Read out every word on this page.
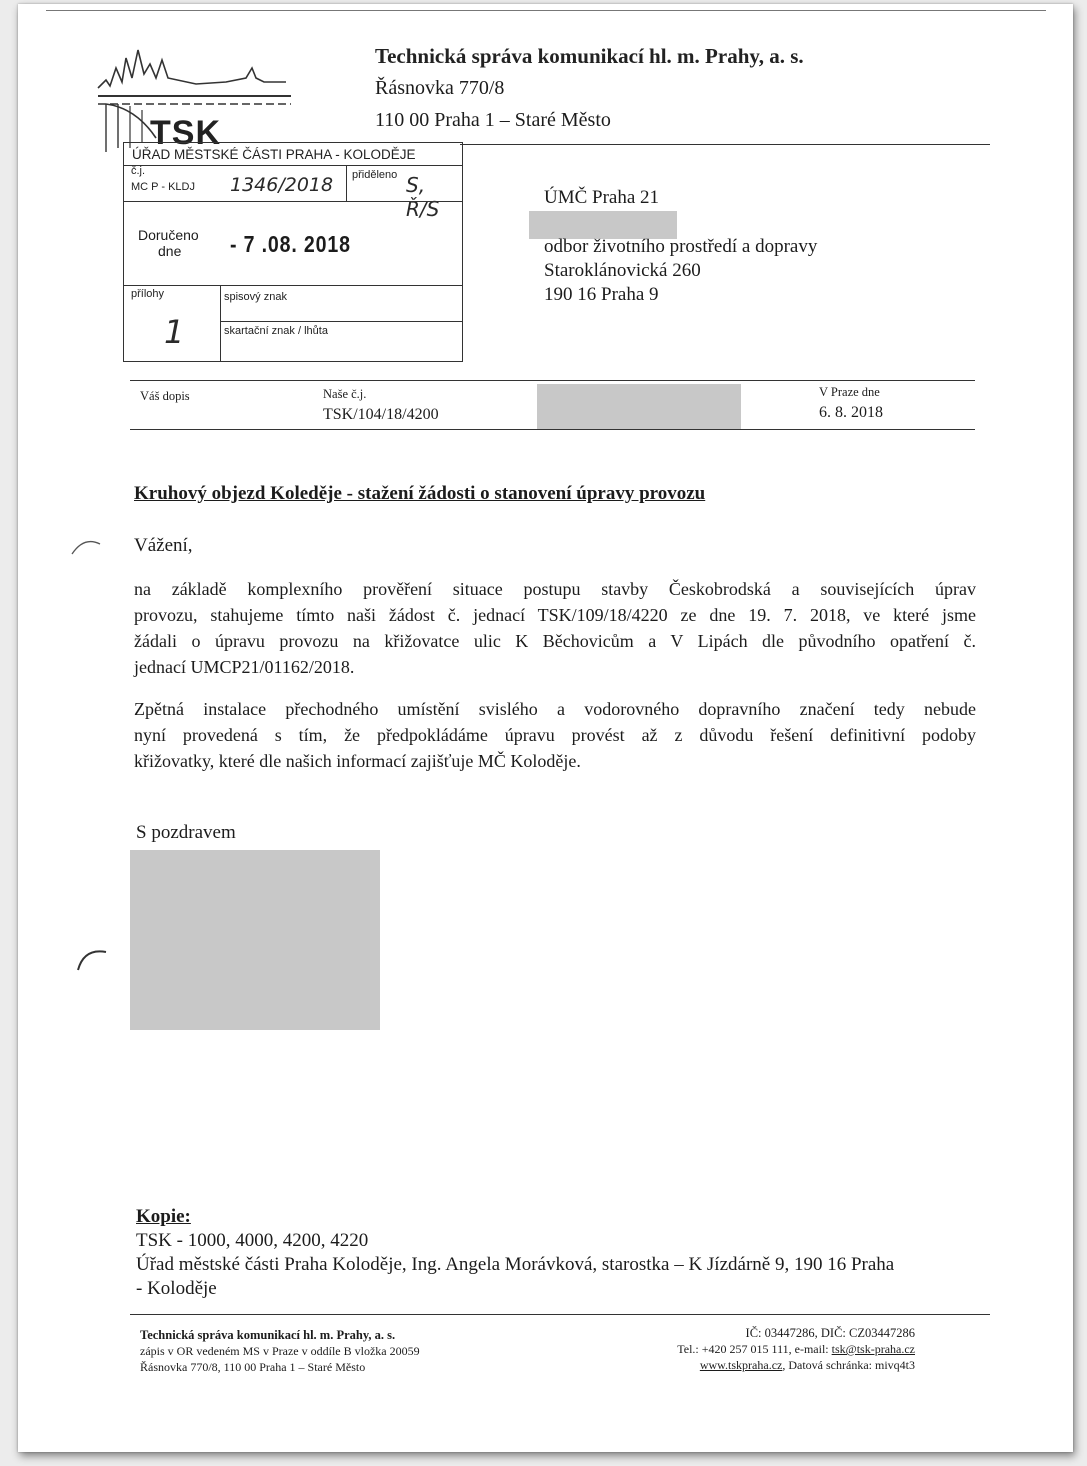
TSK
Technická správa komunikací hl. m. Prahy, a. s.
Řásnovka 770/8
110 00 Praha 1 – Staré Město
ÚŘAD MĚSTSKÉ ČÁSTI PRAHA - KOLODĚJE
č.j.
MC P - KLDJ 1346/2018 přiděleno S, Ř/S
Doručeno
dne - 7 .08. 2018
přílohy
1
spisový znak
skartační znak / lhůta
ÚMČ Praha 21
odbor životního prostředí a dopravy
Staroklánovická 260
190 16 Praha 9
Váš dopis	Naše č.j.
TSK/104/18/4200
V Praze dne
6. 8. 2018
Kruhový objezd Koleděje - stažení žádosti o stanovení úpravy provozu
Vážení,
na základě komplexního prověření situace postupu stavby Českobrodská a souvisejících úprav
provozu, stahujeme tímto naši žádost č. jednací TSK/109/18/4220 ze dne 19. 7. 2018, ve které jsme
žádali o úpravu provozu na křižovatce ulic K Běchovicům a V Lipách dle původního opatření č.
jednací UMCP21/01162/2018.
Zpětná instalace přechodného umístění svislého a vodorovného dopravního značení tedy nebude
nyní provedená s tím, že předpokládáme úpravu provést až z důvodu řešení definitivní podoby
křižovatky, které dle našich informací zajišťuje MČ Koloděje.
S pozdravem
Kopie:
TSK - 1000, 4000, 4200, 4220
Úřad městské části Praha Koloděje, Ing. Angela Morávková, starostka – K Jízdárně 9, 190 16 Praha
- Koloděje
Technická správa komunikací hl. m. Prahy, a. s.
zápis v OR vedeném MS v Praze v oddíle B vložka 20059
Řásnovka 770/8, 110 00 Praha 1 – Staré Město
IČ: 03447286, DIČ: CZ03447286
Tel.: +420 257 015 111, e-mail: tsk@tsk-praha.cz
www.tskpraha.cz, Datová schránka: mivq4t3
